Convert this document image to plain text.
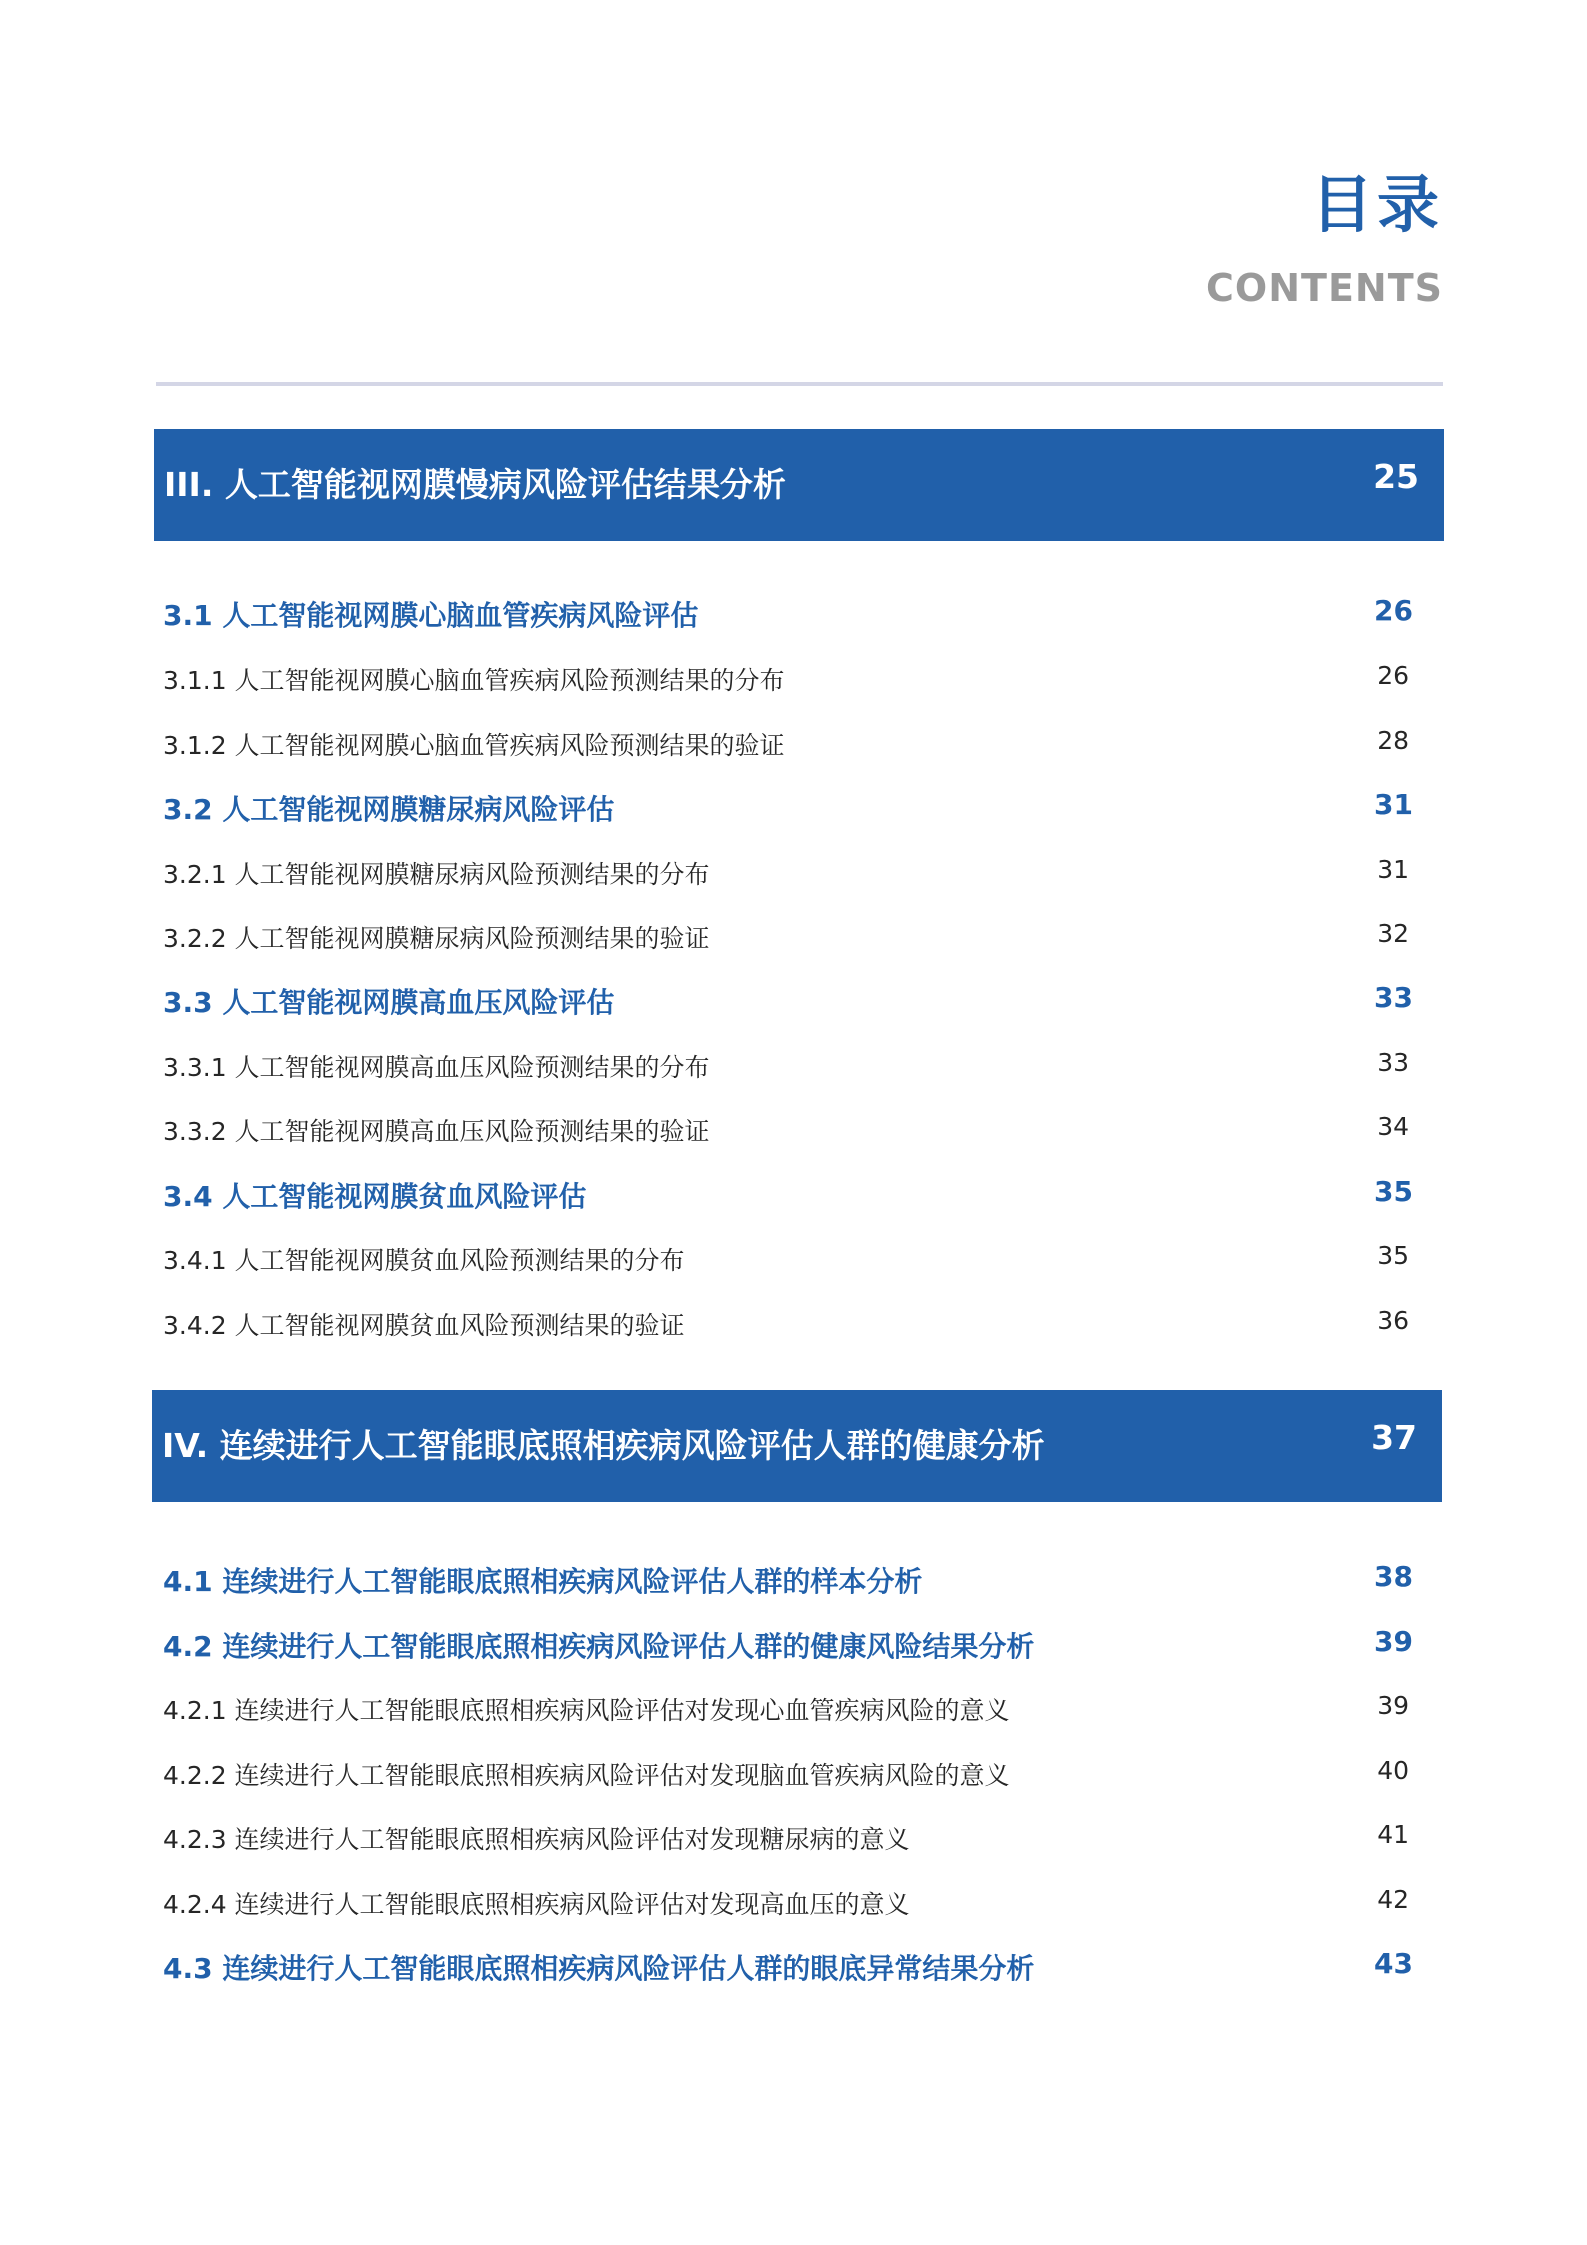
目录
CONTENTS
III. 人工智能视网膜慢病风险评估结果分析	25
3.1 人工智能视网膜心脑血管疾病风险评估	26
3.1.1 人工智能视网膜心脑血管疾病风险预测结果的分布	26
3.1.2 人工智能视网膜心脑血管疾病风险预测结果的验证	28
3.2 人工智能视网膜糖尿病风险评估	31
3.2.1 人工智能视网膜糖尿病风险预测结果的分布	31
3.2.2 人工智能视网膜糖尿病风险预测结果的验证	32
3.3 人工智能视网膜高血压风险评估	33
3.3.1 人工智能视网膜高血压风险预测结果的分布	33
3.3.2 人工智能视网膜高血压风险预测结果的验证	34
3.4 人工智能视网膜贫血风险评估	35
3.4.1 人工智能视网膜贫血风险预测结果的分布	35
3.4.2 人工智能视网膜贫血风险预测结果的验证	36
IV. 连续进行人工智能眼底照相疾病风险评估人群的健康分析	37
4.1 连续进行人工智能眼底照相疾病风险评估人群的样本分析	38
4.2 连续进行人工智能眼底照相疾病风险评估人群的健康风险结果分析	39
4.2.1 连续进行人工智能眼底照相疾病风险评估对发现心血管疾病风险的意义	39
4.2.2 连续进行人工智能眼底照相疾病风险评估对发现脑血管疾病风险的意义	40
4.2.3 连续进行人工智能眼底照相疾病风险评估对发现糖尿病的意义	41
4.2.4 连续进行人工智能眼底照相疾病风险评估对发现高血压的意义	42
4.3 连续进行人工智能眼底照相疾病风险评估人群的眼底异常结果分析	43
